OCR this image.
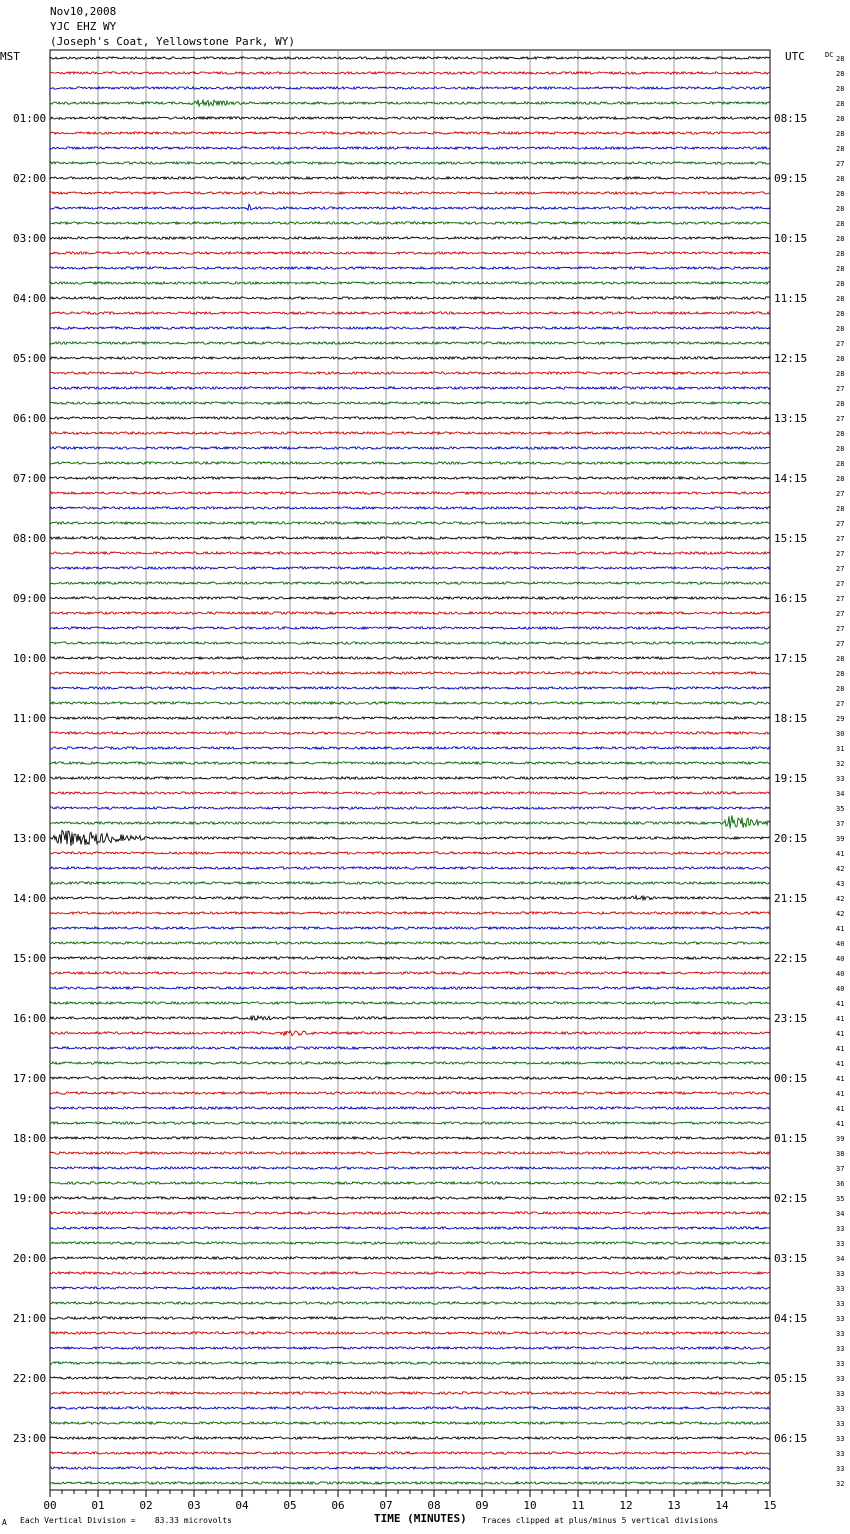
Nov10,2008
YJC EHZ WY
(Joseph's Coat, Yellowstone Park, WY)
MST	UTC	DC 28
28
28
28
28
01:00	08:15
28
28
27
28
02:00	09:15
28
28
28
28
03:00	10:15
28
28
28
28
04:00	11:15
28
28
27
28
05:00	12:15
28
27
28
27
06:00	13:15
28
28
28
28
07:00	14:15
27
28
27
27
08:00	15:15
27
27
27
27
09:00	16:15
27
27
27
28
10:00	17:15
28
28
27
29
11:00	18:15
30
31
32
33
12:00	19:15
34
35
37
39
13:00	20:15
41
42
43
42
14:00	21:15
42
41
40
40
15:00	22:15
40
40
41
41
16:00	23:15
41
41
41
41
17:00	00:15
41
41
41
39
18:00	01:15
38
37
36
35
19:00	02:15
34
33
33
34
20:00	03:15
33
33
33
33
21:00	04:15
33
33
33
33
22:00	05:15
33
33
33
33
23:00	06:15
33
33
32
00	01	02	03	04	05	06	07	08	09	10	11	12	13	14	15
A Each Vertical Division =    83.33 microvolts	TIME (MINUTES) Traces clipped at plus/minus 5 vertical divisions
